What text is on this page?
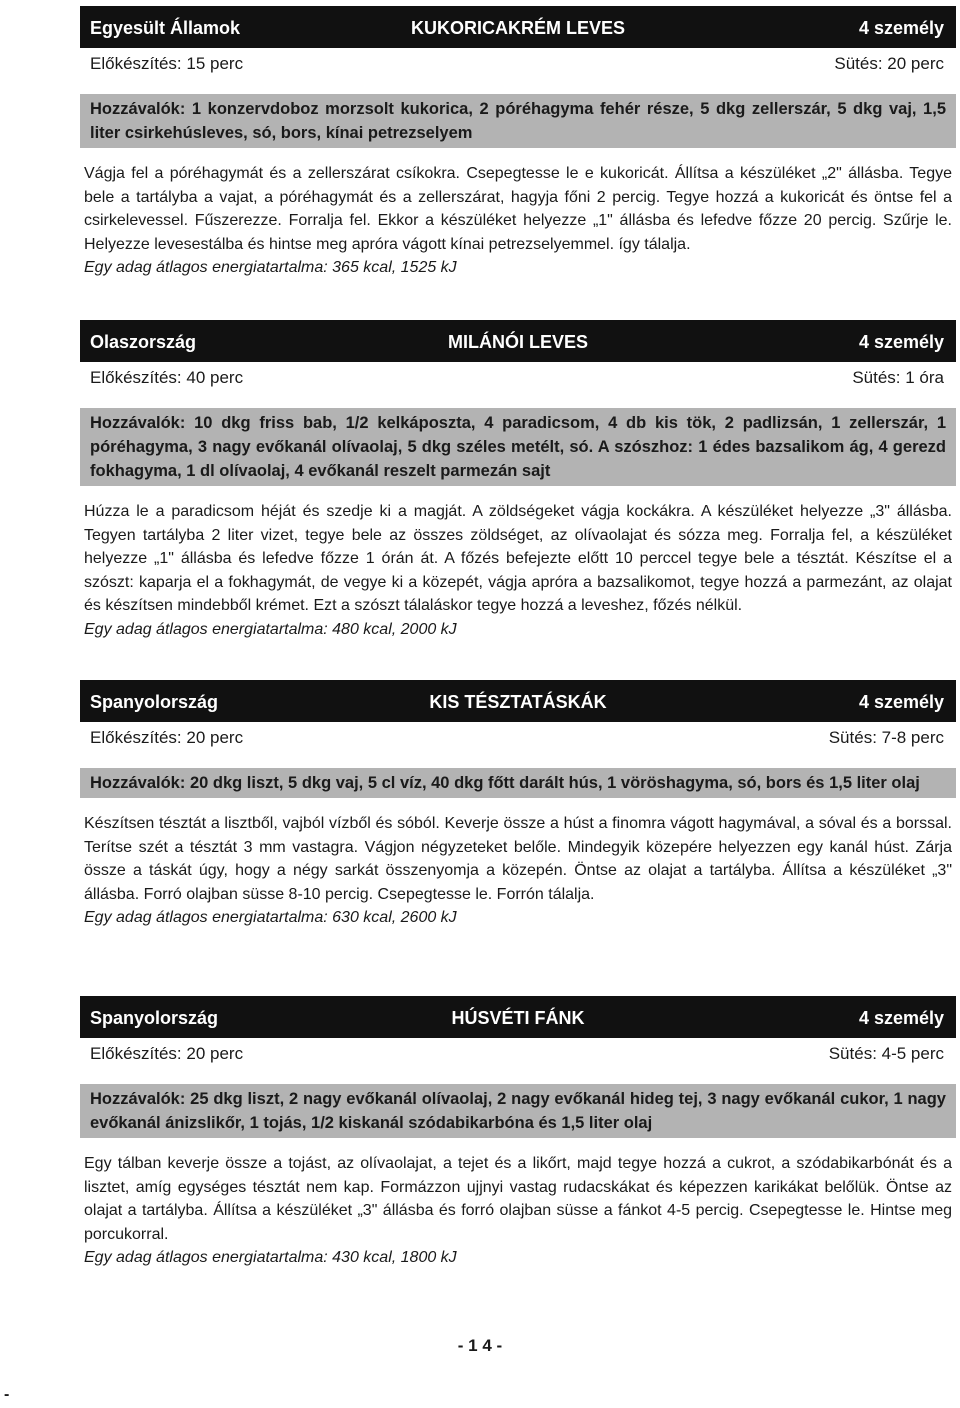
Egyesült Államok	KUKORICAKRÉM LEVES	4 személy
Előkészítés: 15 perc	Sütés: 20 perc
Hozzávalók: 1 konzervdoboz morzsolt kukorica, 2 póréhagyma fehér része, 5 dkg zellerszár, 5 dkg vaj, 1,5 liter csirkehúsleves, só, bors, kínai petrezselyem
Vágja fel a póréhagymát és a zellerszárat csíkokra. Csepegtesse le e kukoricát. Állítsa a készüléket „2" állásba. Tegye bele a tartályba a vajat, a póréhagymát és a zellerszárat, hagyja főni 2 percig. Tegye hozzá a kukoricát és öntse fel a csirkelevessel. Fűszerezze. Forralja fel. Ekkor a készüléket helyezze „1" állásba és lefedve főzze 20 percig. Szűrje le. Helyezze levesestálba és hintse meg apróra vágott kínai petrezselyemmel. így tálalja.
Egy adag átlagos energiatartalma: 365 kcal, 1525 kJ
Olaszország	MILÁNÓI LEVES	4 személy
Előkészítés: 40 perc	Sütés: 1 óra
Hozzávalók: 10 dkg friss bab, 1/2 kelkáposzta, 4 paradicsom, 4 db kis tök, 2 padlizsán, 1 zellerszár, 1 póréhagyma, 3 nagy evőkanál olívaolaj, 5 dkg széles metélt, só. A szószhoz: 1 édes bazsalikom ág, 4 gerezd fokhagyma, 1 dl olívaolaj, 4 evőkanál reszelt parmezán sajt
Húzza le a paradicsom héját és szedje ki a magját. A zöldségeket vágja kockákra. A készüléket helyezze „3" állásba. Tegyen tartályba 2 liter vizet, tegye bele az összes zöldséget, az olívaolajat és sózza meg. Forralja fel, a készüléket helyezze „1" állásba és lefedve főzze 1 órán át. A főzés befejezte előtt 10 perccel tegye bele a tésztát. Készítse el a szószt: kaparja el a fokhagymát, de vegye ki a közepét, vágja apróra a bazsalikomot, tegye hozzá a parmezánt, az olajat és készítsen mindebből krémet. Ezt a szószt tálaláskor tegye hozzá a leveshez, főzés nélkül.
Egy adag átlagos energiatartalma: 480 kcal, 2000 kJ
Spanyolország	KIS TÉSZTATÁSKÁK	4 személy
Előkészítés: 20 perc	Sütés: 7-8 perc
Hozzávalók: 20 dkg liszt, 5 dkg vaj, 5 cl víz, 40 dkg főtt darált hús, 1 vöröshagyma, só, bors és 1,5 liter olaj
Készítsen tésztát a lisztből, vajból vízből és sóból. Keverje össze a húst a finomra vágott hagymával, a sóval és a borssal. Terítse szét a tésztát 3 mm vastagra. Vágjon négyzeteket belőle. Mindegyik közepére helyezzen egy kanál húst. Zárja össze a táskát úgy, hogy a négy sarkát összenyomja a közepén. Öntse az olajat a tartályba. Állítsa a készüléket „3" állásba. Forró olajban süsse 8-10 percig. Csepegtesse le. Forrón tálalja.
Egy adag átlagos energiatartalma: 630 kcal, 2600 kJ
Spanyolország	HÚSVÉTI FÁNK	4 személy
Előkészítés: 20 perc	Sütés: 4-5 perc
Hozzávalók: 25 dkg liszt, 2 nagy evőkanál olívaolaj, 2 nagy evőkanál hideg tej, 3 nagy evőkanál cukor, 1 nagy evőkanál ánizslikőr, 1 tojás, 1/2 kiskanál szódabikarbóna és 1,5 liter olaj
Egy tálban keverje össze a tojást, az olívaolajat, a tejet és a likőrt, majd tegye hozzá a cukrot, a szódabikarbónát és a lisztet, amíg egységes tésztát nem kap. Formázzon ujjnyi vastag rudacskákat és képezzen karikákat belőlük. Öntse az olajat a tartályba. Állítsa a készüléket „3" állásba és forró olajban süsse a fánkot 4-5 percig. Csepegtesse le. Hintse meg porcukorral.
Egy adag átlagos energiatartalma: 430 kcal, 1800 kJ
- 1 4 -
-
